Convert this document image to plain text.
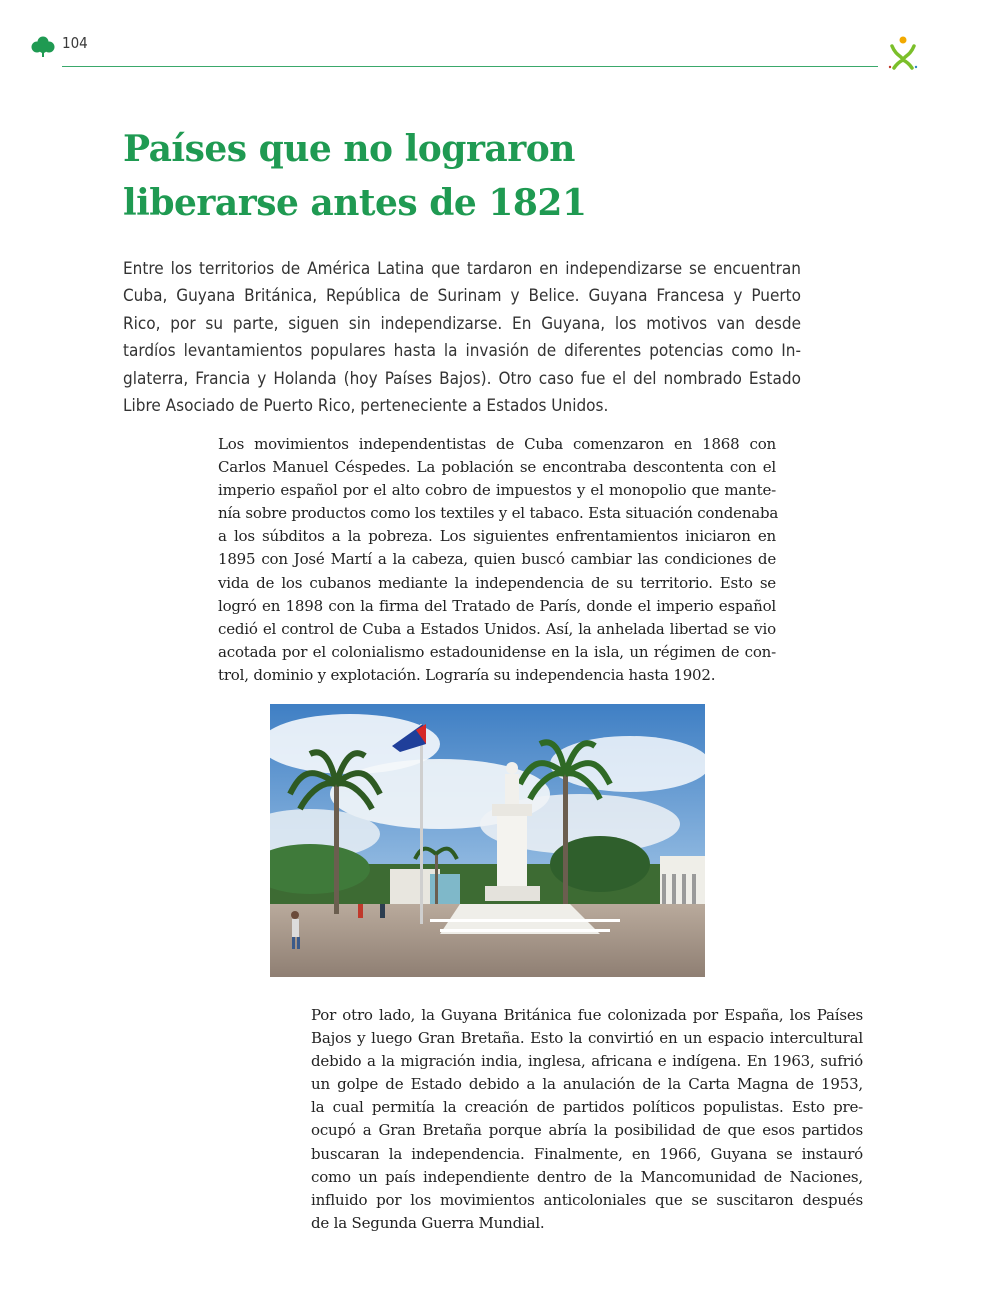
104
Países que no lograron
liberarse antes de 1821
Entre los territorios de América Latina que tardaron en independizarse se encuentran
Cuba, Guyana Británica, República de Surinam y Belice. Guyana Francesa y Puerto
Rico, por su parte, siguen sin independizarse. En Guyana, los motivos van desde
tardíos levantamientos populares hasta la invasión de diferentes potencias como In-
glaterra, Francia y Holanda (hoy Países Bajos). Otro caso fue el del nombrado Estado
Libre Asociado de Puerto Rico, perteneciente a Estados Unidos.
Los movimientos independentistas de Cuba comenzaron en 1868 con
Carlos Manuel Céspedes. La población se encontraba descontenta con el
imperio español por el alto cobro de impuestos y el monopolio que mante-
nía sobre productos como los textiles y el tabaco. Esta situación condenaba
a los súbditos a la pobreza. Los siguientes enfrentamientos iniciaron en
1895 con José Martí a la cabeza, quien buscó cambiar las condiciones de
vida de los cubanos mediante la independencia de su territorio. Esto se
logró en 1898 con la firma del Tratado de París, donde el imperio español
cedió el control de Cuba a Estados Unidos. Así, la anhelada libertad se vio
acotada por el colonialismo estadounidense en la isla, un régimen de con-
trol, dominio y explotación. Lograría su independencia hasta 1902.
Por otro lado, la Guyana Británica fue colonizada por España, los Países
Bajos y luego Gran Bretaña. Esto la convirtió en un espacio intercultural
debido a la migración india, inglesa, africana e indígena. En 1963, sufrió
un golpe de Estado debido a la anulación de la Carta Magna de 1953,
la cual permitía la creación de partidos políticos populistas. Esto pre-
ocupó a Gran Bretaña porque abría la posibilidad de que esos partidos
buscaran la independencia. Finalmente, en 1966, Guyana se instauró
como un país independiente dentro de la Mancomunidad de Naciones,
influido por los movimientos anticoloniales que se suscitaron después
de la Segunda Guerra Mundial.
